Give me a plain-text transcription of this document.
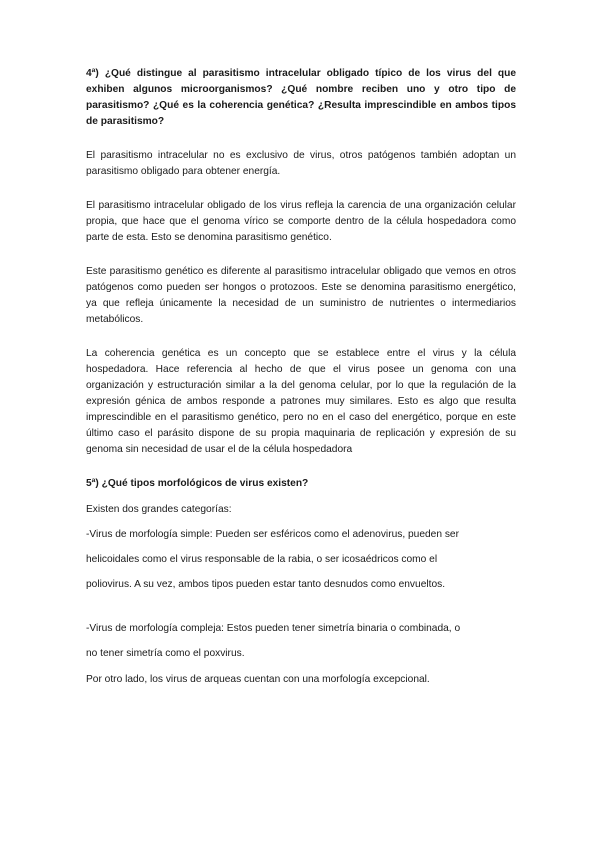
4ª) ¿Qué distingue al parasitismo intracelular obligado típico de los virus del que exhiben algunos microorganismos? ¿Qué nombre reciben uno y otro tipo de parasitismo? ¿Qué es la coherencia genética? ¿Resulta imprescindible en ambos tipos de parasitismo?

El parasitismo intracelular no es exclusivo de virus, otros patógenos también adoptan un parasitismo obligado para obtener energía.

El parasitismo intracelular obligado de los virus refleja la carencia de una organización celular propia, que hace que el genoma vírico se comporte dentro de la célula hospedadora como parte de esta. Esto se denomina parasitismo genético.

Este parasitismo genético es diferente al parasitismo intracelular obligado que vemos en otros patógenos como pueden ser hongos o protozoos. Este se denomina parasitismo energético, ya que refleja únicamente la necesidad de un suministro de nutrientes o intermediarios metabólicos.

La coherencia genética es un concepto que se establece entre el virus y la célula hospedadora. Hace referencia al hecho de que el virus posee un genoma con una organización y estructuración similar a la del genoma celular, por lo que la regulación de la expresión génica de ambos responde a patrones muy similares. Esto es algo que resulta imprescindible en el parasitismo genético, pero no en el caso del energético, porque en este último caso el parásito dispone de su propia maquinaria de replicación y expresión de su genoma sin necesidad de usar el de la célula hospedadora

5ª) ¿Qué tipos morfológicos de virus existen?

Existen dos grandes categorías:

-Virus de morfología simple: Pueden ser esféricos como el adenovirus, pueden ser

helicoidales como el virus responsable de la rabia, o ser icosaédricos como el

poliovirus. A su vez, ambos tipos pueden estar tanto desnudos como envueltos.

-Virus de morfología compleja: Estos pueden tener simetría binaria o combinada, o

no tener simetría como el poxvirus.

Por otro lado, los virus de arqueas cuentan con una morfología excepcional.
